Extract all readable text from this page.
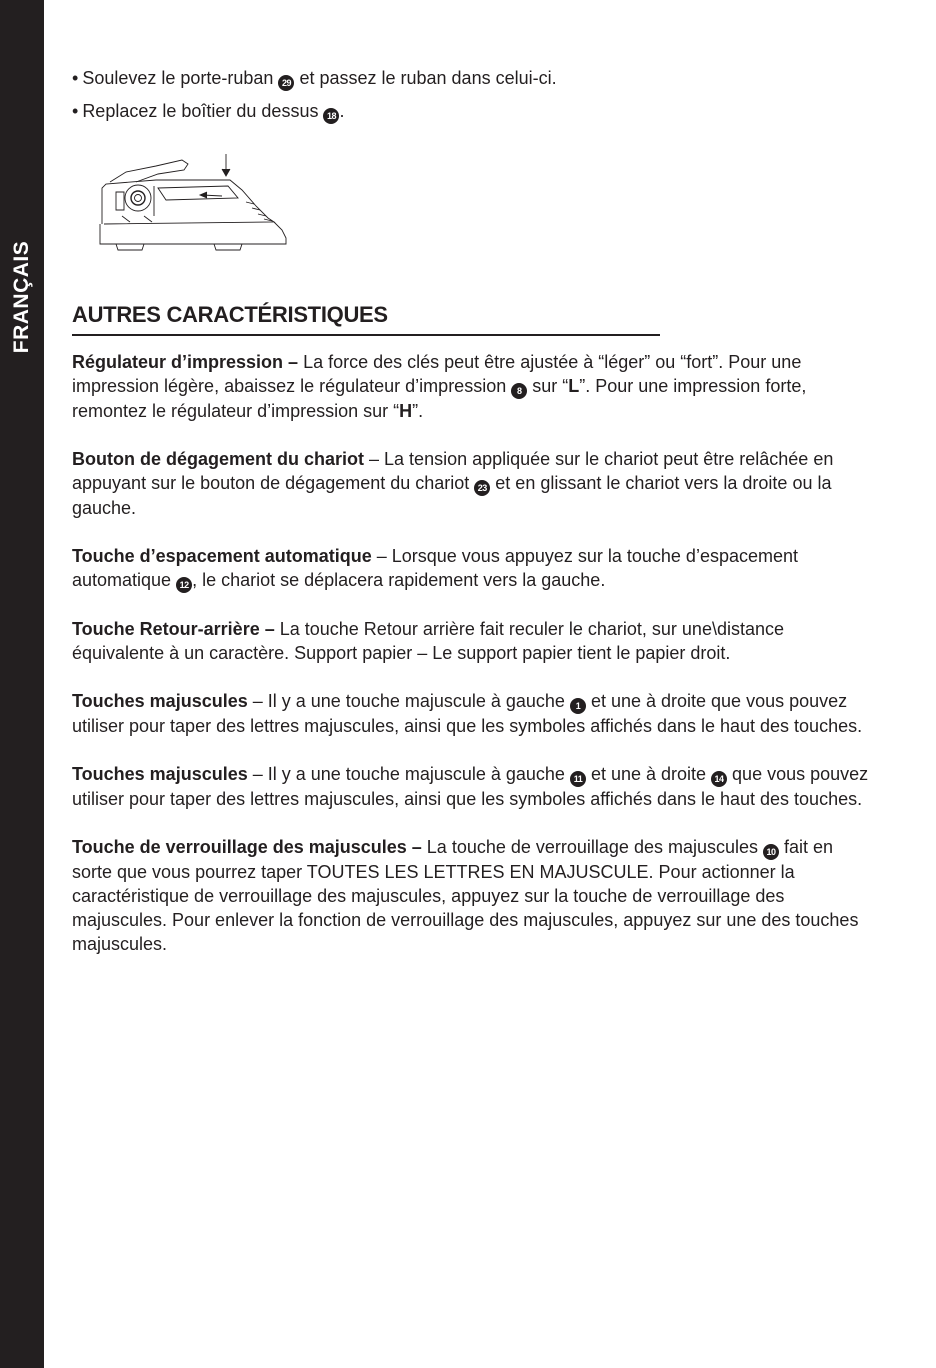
FRANÇAIS
• Soulevez le porte-ruban 29 et passez le ruban dans celui-ci.
• Replacez le boîtier du dessus 18 .
AUTRES CARACTÉRISTIQUES

Régulateur d’impression – La force des clés peut être ajustée à “léger” ou “fort”. Pour une impression légère, abaissez le régulateur d’impression 8 sur “L”. Pour une impression forte, remontez le régulateur d’impression sur “H”.

Bouton de dégagement du chariot – La tension appliquée sur le chariot peut être relâchée en appuyant sur le bouton de dégagement du chariot 23 et en glissant le chariot vers la droite ou la gauche.

Touche d’espacement automatique – Lorsque vous appuyez sur la touche d’espacement automatique 12 , le chariot se déplacera rapidement vers la gauche.

Touche Retour-arrière – La touche Retour arrière fait reculer le chariot, sur une\distance équivalente à un caractère. Support papier – Le support papier tient le papier droit.

Touches majuscules – Il y a une touche majuscule à gauche 1 et une à droite que vous pouvez utiliser pour taper des lettres majuscules, ainsi que les symboles affichés dans le haut des touches.

Touches majuscules – Il y a une touche majuscule à gauche 11 et une à droite 14 que vous pouvez utiliser pour taper des lettres majuscules, ainsi que les symboles affichés dans le haut des touches.

Touche de verrouillage des majuscules – La touche de verrouillage des majuscules 10 fait en sorte que vous pourrez taper TOUTES LES LETTRES EN MAJUSCULE. Pour actionner la caractéristique de verrouillage des majuscules, appuyez sur la touche de verrouillage des majuscules. Pour enlever la fonction de verrouillage des majuscules, appuyez sur une des touches majuscules.
